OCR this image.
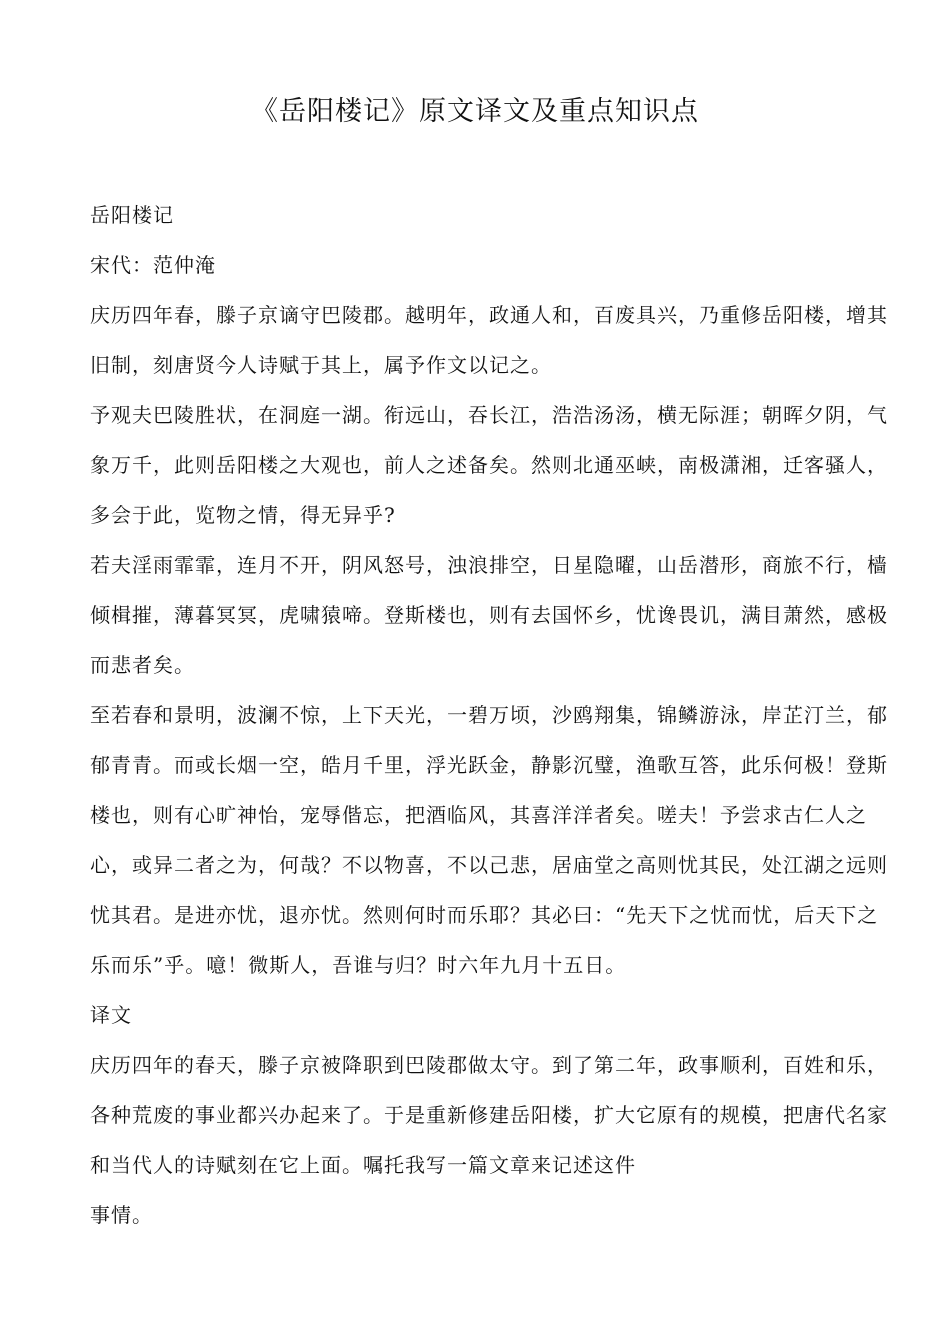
《岳阳楼记》原文译文及重点知识点

岳阳楼记

宋代：范仲淹

庆历四年春，滕子京谪守巴陵郡。越明年，政通人和，百废具兴，乃重修岳阳楼，增其旧制，刻唐贤今人诗赋于其上，属予作文以记之。

予观夫巴陵胜状，在洞庭一湖。衔远山，吞长江，浩浩汤汤，横无际涯；朝晖夕阴，气象万千，此则岳阳楼之大观也，前人之述备矣。然则北通巫峡，南极潇湘，迁客骚人，多会于此，览物之情，得无异乎?

若夫淫雨霏霏，连月不开，阴风怒号，浊浪排空，日星隐曜，山岳潜形，商旅不行，樯倾楫摧，薄暮冥冥，虎啸猿啼。登斯楼也，则有去国怀乡，忧谗畏讥，满目萧然，感极而悲者矣。

至若春和景明，波澜不惊，上下天光，一碧万顷，沙鸥翔集，锦鳞游泳，岸芷汀兰，郁郁青青。而或长烟一空，皓月千里，浮光跃金，静影沉璧，渔歌互答，此乐何极！登斯楼也，则有心旷神怡，宠辱偕忘，把酒临风，其喜洋洋者矣。嗟夫！予尝求古仁人之心，或异二者之为，何哉？不以物喜，不以己悲，居庙堂之高则忧其民，处江湖之远则忧其君。是进亦忧，退亦忧。然则何时而乐耶？其必曰：“先天下之忧而忧，后天下之乐而乐”乎。噫！微斯人，吾谁与归？时六年九月十五日。

译文

庆历四年的春天，滕子京被降职到巴陵郡做太守。到了第二年，政事顺利，百姓和乐，各种荒废的事业都兴办起来了。于是重新修建岳阳楼，扩大它原有的规模，把唐代名家和当代人的诗赋刻在它上面。嘱托我写一篇文章来记述这件

事情。
